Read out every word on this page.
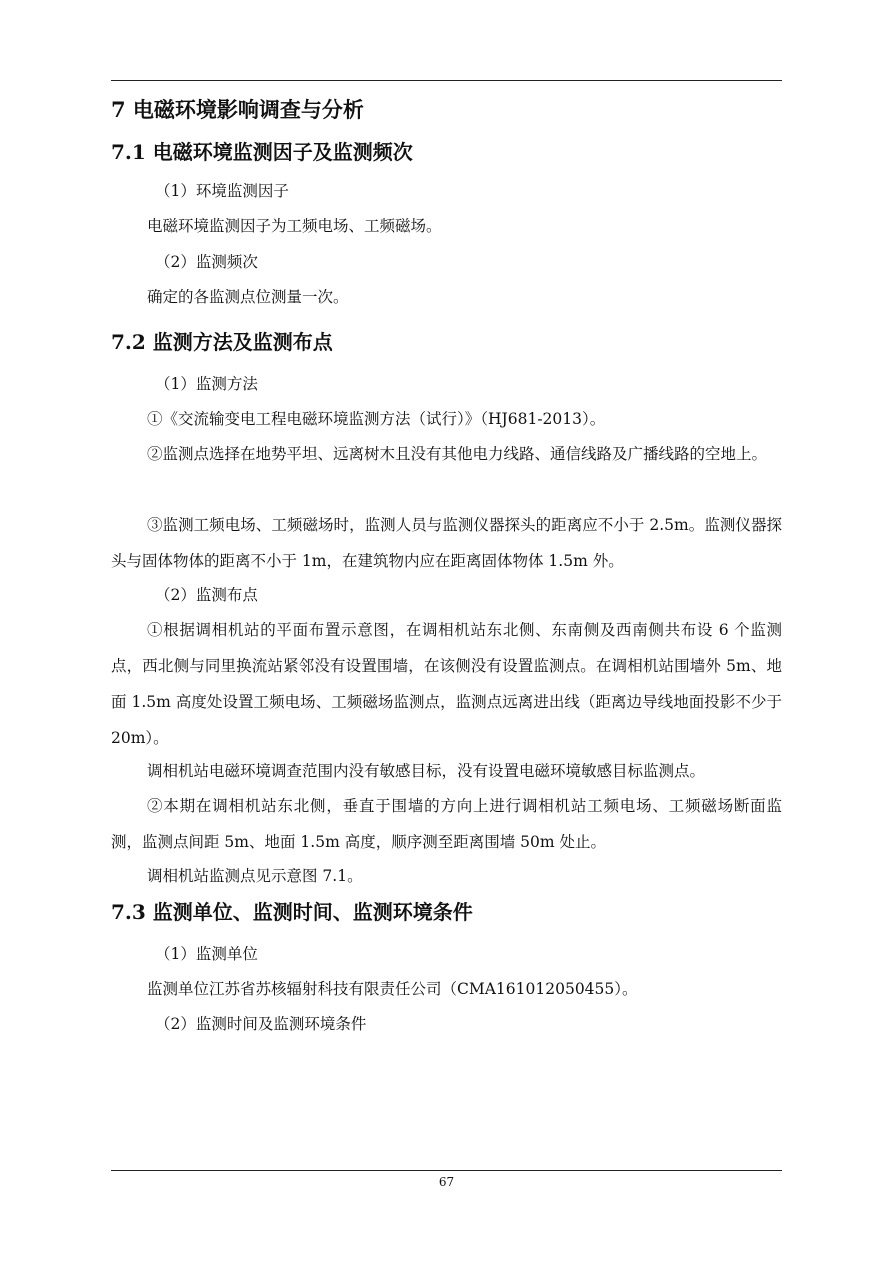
7 电磁环境影响调查与分析
7.1 电磁环境监测因子及监测频次
（1）环境监测因子
电磁环境监测因子为工频电场、工频磁场。
（2）监测频次
确定的各监测点位测量一次。
7.2 监测方法及监测布点
（1）监测方法
①《交流输变电工程电磁环境监测方法（试行）》（HJ681-2013）。
②监测点选择在地势平坦、远离树木且没有其他电力线路、通信线路及广播线路的空地上。
③监测工频电场、工频磁场时，监测人员与监测仪器探头的距离应不小于 2.5m。监测仪器探头与固体物体的距离不小于 1m，在建筑物内应在距离固体物体 1.5m 外。
（2）监测布点
①根据调相机站的平面布置示意图，在调相机站东北侧、东南侧及西南侧共布设 6 个监测点，西北侧与同里换流站紧邻没有设置围墙，在该侧没有设置监测点。在调相机站围墙外 5m、地面 1.5m 高度处设置工频电场、工频磁场监测点，监测点远离进出线（距离边导线地面投影不少于 20m）。
调相机站电磁环境调查范围内没有敏感目标，没有设置电磁环境敏感目标监测点。
②本期在调相机站东北侧，垂直于围墙的方向上进行调相机站工频电场、工频磁场断面监测，监测点间距 5m、地面 1.5m 高度，顺序测至距离围墙 50m 处止。
调相机站监测点见示意图 7.1。
7.3 监测单位、监测时间、监测环境条件
（1）监测单位
监测单位江苏省苏核辐射科技有限责任公司（CMA161012050455）。
（2）监测时间及监测环境条件
67
